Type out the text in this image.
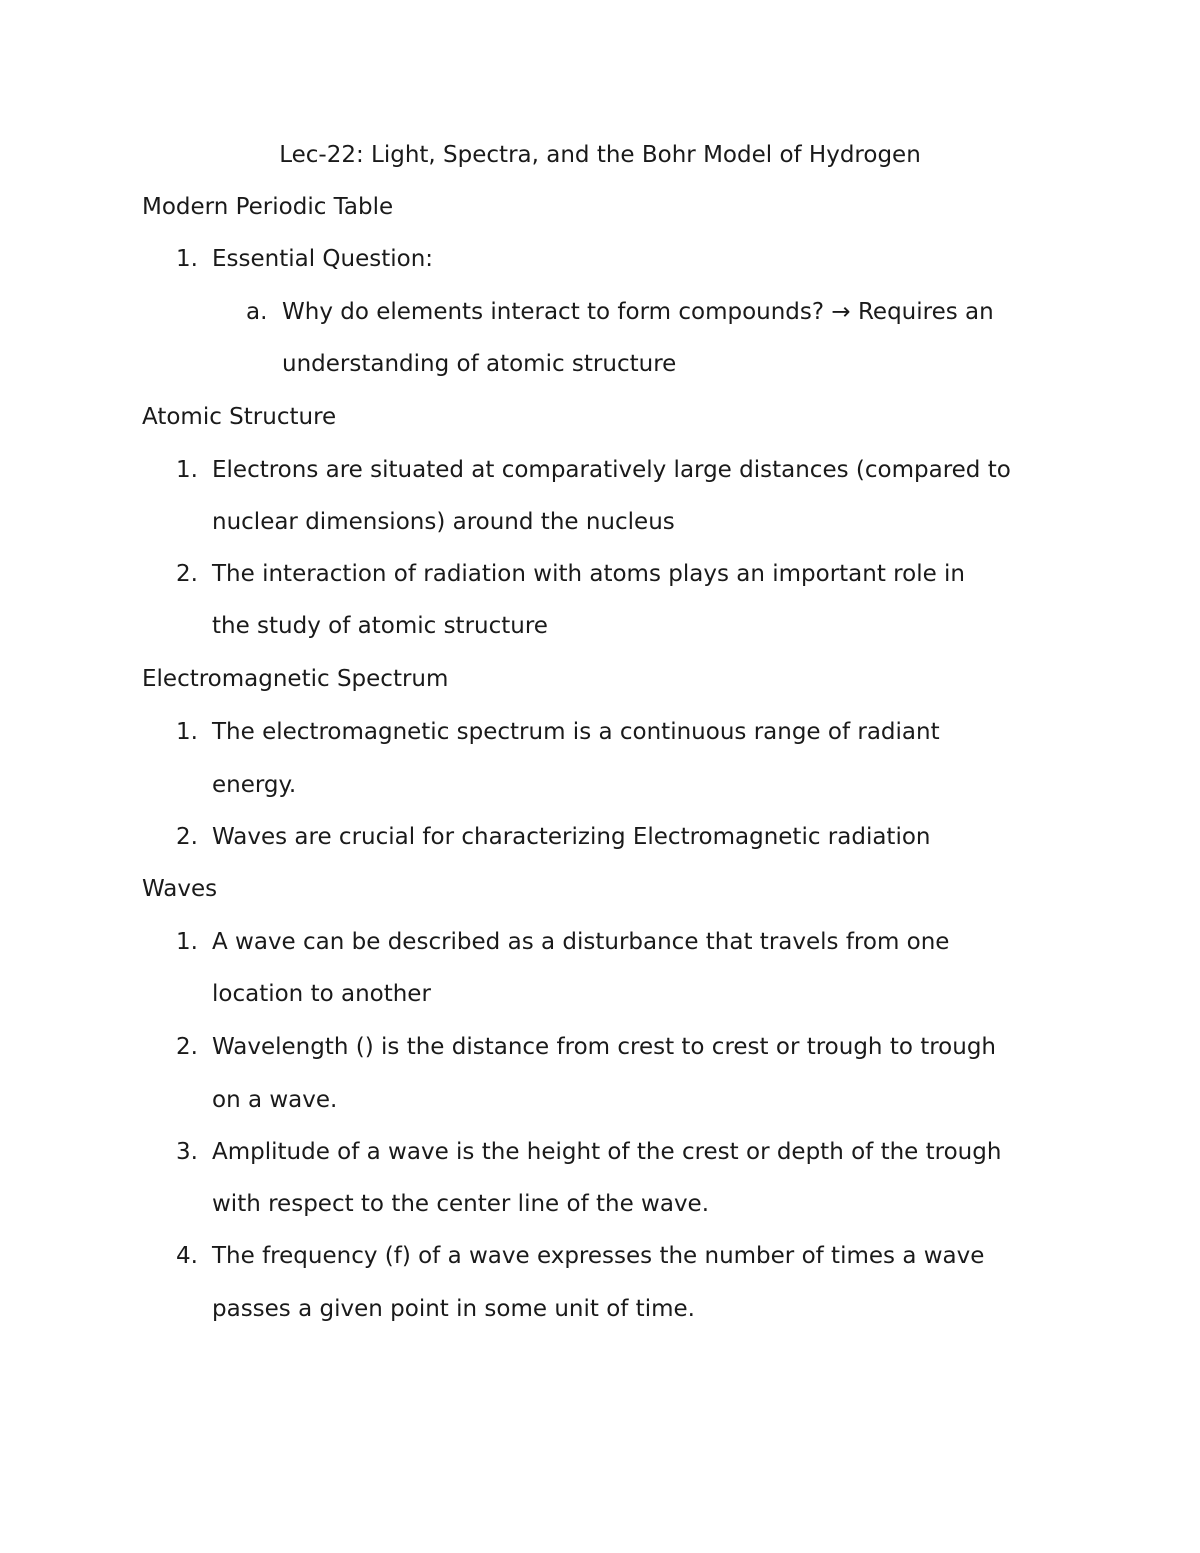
Lec-22: Light, Spectra, and the Bohr Model of Hydrogen

Modern Periodic Table

1. Essential Question:

a. Why do elements interact to form compounds? → Requires an

understanding of atomic structure

Atomic Structure

1. Electrons are situated at comparatively large distances (compared to

nuclear dimensions) around the nucleus

2. The interaction of radiation with atoms plays an important role in

the study of atomic structure

Electromagnetic Spectrum

1. The electromagnetic spectrum is a continuous range of radiant

energy.

2. Waves are crucial for characterizing Electromagnetic radiation

Waves

1. A wave can be described as a disturbance that travels from one

location to another

2. Wavelength () is the distance from crest to crest or trough to trough

on a wave.

3. Amplitude of a wave is the height of the crest or depth of the trough

with respect to the center line of the wave.

4. The frequency (f) of a wave expresses the number of times a wave

passes a given point in some unit of time.
